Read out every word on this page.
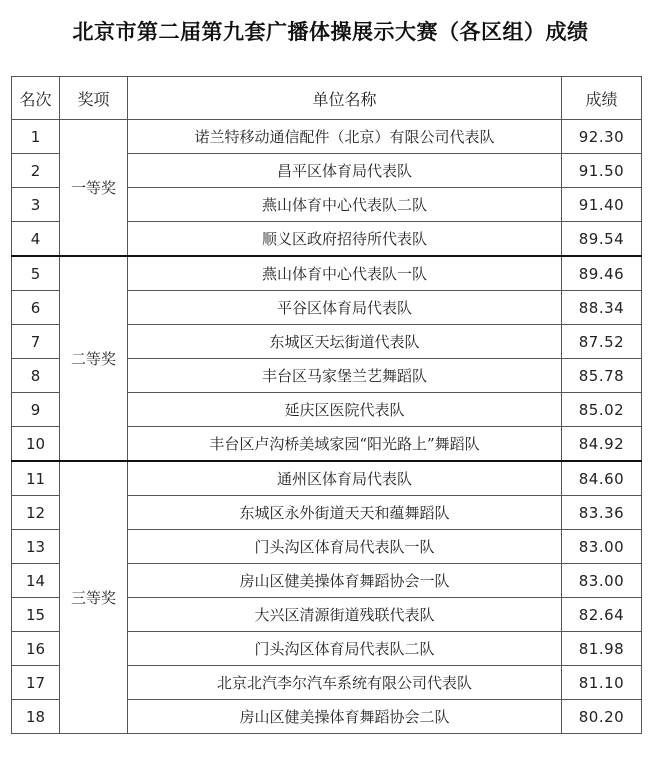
北京市第二届第九套广播体操展示大赛（各区组）成绩
名次	奖项	单位名称	成绩
1	一等奖	诺兰特移动通信配件（北京）有限公司代表队	92.30
2		昌平区体育局代表队	91.50
3		燕山体育中心代表队二队	91.40
4		顺义区政府招待所代表队	89.54
5	二等奖	燕山体育中心代表队一队	89.46
6		平谷区体育局代表队	88.34
7		东城区天坛街道代表队	87.52
8		丰台区马家堡兰艺舞蹈队	85.78
9		延庆区医院代表队	85.02
10		丰台区卢沟桥美域家园“阳光路上”舞蹈队	84.92
11	三等奖	通州区体育局代表队	84.60
12		东城区永外街道天天和蕴舞蹈队	83.36
13		门头沟区体育局代表队一队	83.00
14		房山区健美操体育舞蹈协会一队	83.00
15		大兴区清源街道残联代表队	82.64
16		门头沟区体育局代表队二队	81.98
17		北京北汽李尔汽车系统有限公司代表队	81.10
18		房山区健美操体育舞蹈协会二队	80.20
